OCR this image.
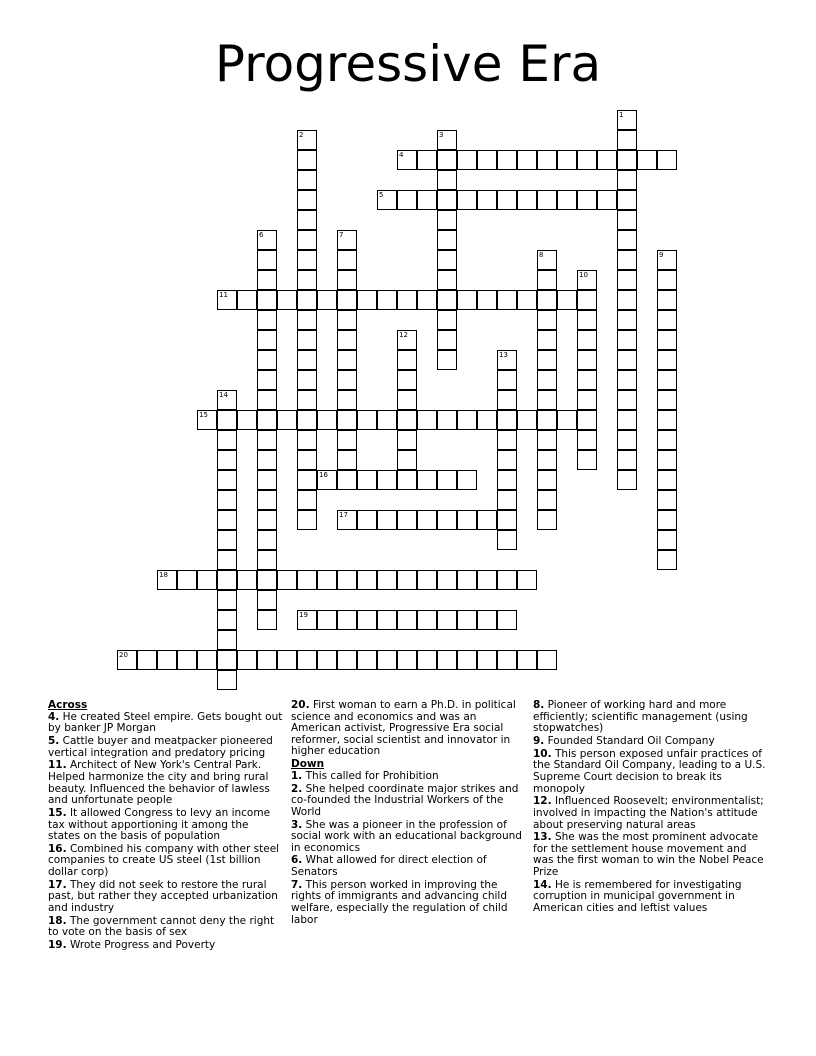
Progressive Era
1
2	3
4
5
6	7
8	9
10
11
12
13
14
15
16
17
18
19
20
Across
4. He created Steel empire. Gets bought out by banker JP Morgan
5. Cattle buyer and meatpacker pioneered vertical integration and predatory pricing
11. Architect of New York's Central Park. Helped harmonize the city and bring rural beauty. Influenced the behavior of lawless and unfortunate people
15. It allowed Congress to levy an income tax without apportioning it among the states on the basis of population
16. Combined his company with other steel companies to create US steel (1st billion dollar corp)
17. They did not seek to restore the rural past, but rather they accepted urbanization and industry
18. The government cannot deny the right to vote on the basis of sex
19. Wrote Progress and Poverty
20. First woman to earn a Ph.D. in political science and economics and was an American activist, Progressive Era social reformer, social scientist and innovator in higher education
Down
1. This called for Prohibition
2. She helped coordinate major strikes and co-founded the Industrial Workers of the World
3. She was a pioneer in the profession of social work with an educational background in economics
6. What allowed for direct election of Senators
7. This person worked in improving the rights of immigrants and advancing child welfare, especially the regulation of child labor
8. Pioneer of working hard and more efficiently; scientific management (using stopwatches)
9. Founded Standard Oil Company
10. This person exposed unfair practices of the Standard Oil Company, leading to a U.S. Supreme Court decision to break its monopoly
12. Influenced Roosevelt; environmentalist; involved in impacting the Nation's attitude about preserving natural areas
13. She was the most prominent advocate for the settlement house movement and was the first woman to win the Nobel Peace Prize
14. He is remembered for investigating corruption in municipal government in American cities and leftist values
